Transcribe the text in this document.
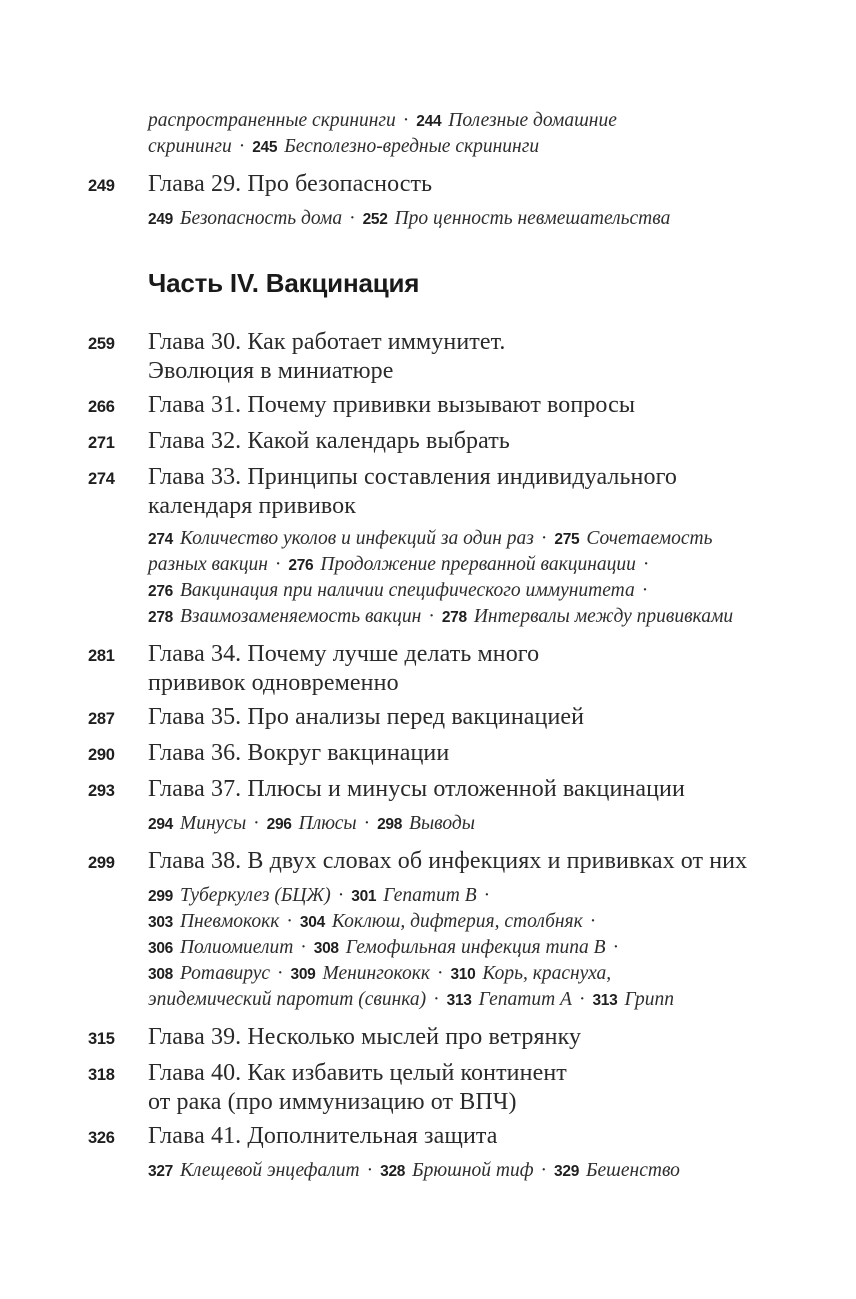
распространенные скрининги · 244 Полезные домашние
скрининги · 245 Бесполезно-вредные скрининги
249	Глава 29. Про безопасность
249 Безопасность дома · 252 Про ценность невмешательства
Часть IV. Вакцинация
259	Глава 30. Как работает иммунитет.
Эволюция в миниатюре
266	Глава 31. Почему прививки вызывают вопросы
271	Глава 32. Какой календарь выбрать
274	Глава 33. Принципы составления индивидуального
календаря прививок
274 Количество уколов и инфекций за один раз · 275 Сочетаемость
разных вакцин · 276 Продолжение прерванной вакцинации ·
276 Вакцинация при наличии специфического иммунитета ·
278 Взаимозаменяемость вакцин · 278 Интервалы между прививками
281	Глава 34. Почему лучше делать много
прививок одновременно
287	Глава 35. Про анализы перед вакцинацией
290	Глава 36. Вокруг вакцинации
293	Глава 37. Плюсы и минусы отложенной вакцинации
294 Минусы · 296 Плюсы · 298 Выводы
299	Глава 38. В двух словах об инфекциях и прививках от них
299 Туберкулез (БЦЖ) · 301 Гепатит В ·
303 Пневмококк · 304 Коклюш, дифтерия, столбняк ·
306 Полиомиелит · 308 Гемофильная инфекция типа В ·
308 Ротавирус · 309 Менингококк · 310 Корь, краснуха,
эпидемический паротит (свинка) · 313 Гепатит А · 313 Грипп
315	Глава 39. Несколько мыслей про ветрянку
318	Глава 40. Как избавить целый континент
от рака (про иммунизацию от ВПЧ)
326	Глава 41. Дополнительная защита
327 Клещевой энцефалит · 328 Брюшной тиф · 329 Бешенство
